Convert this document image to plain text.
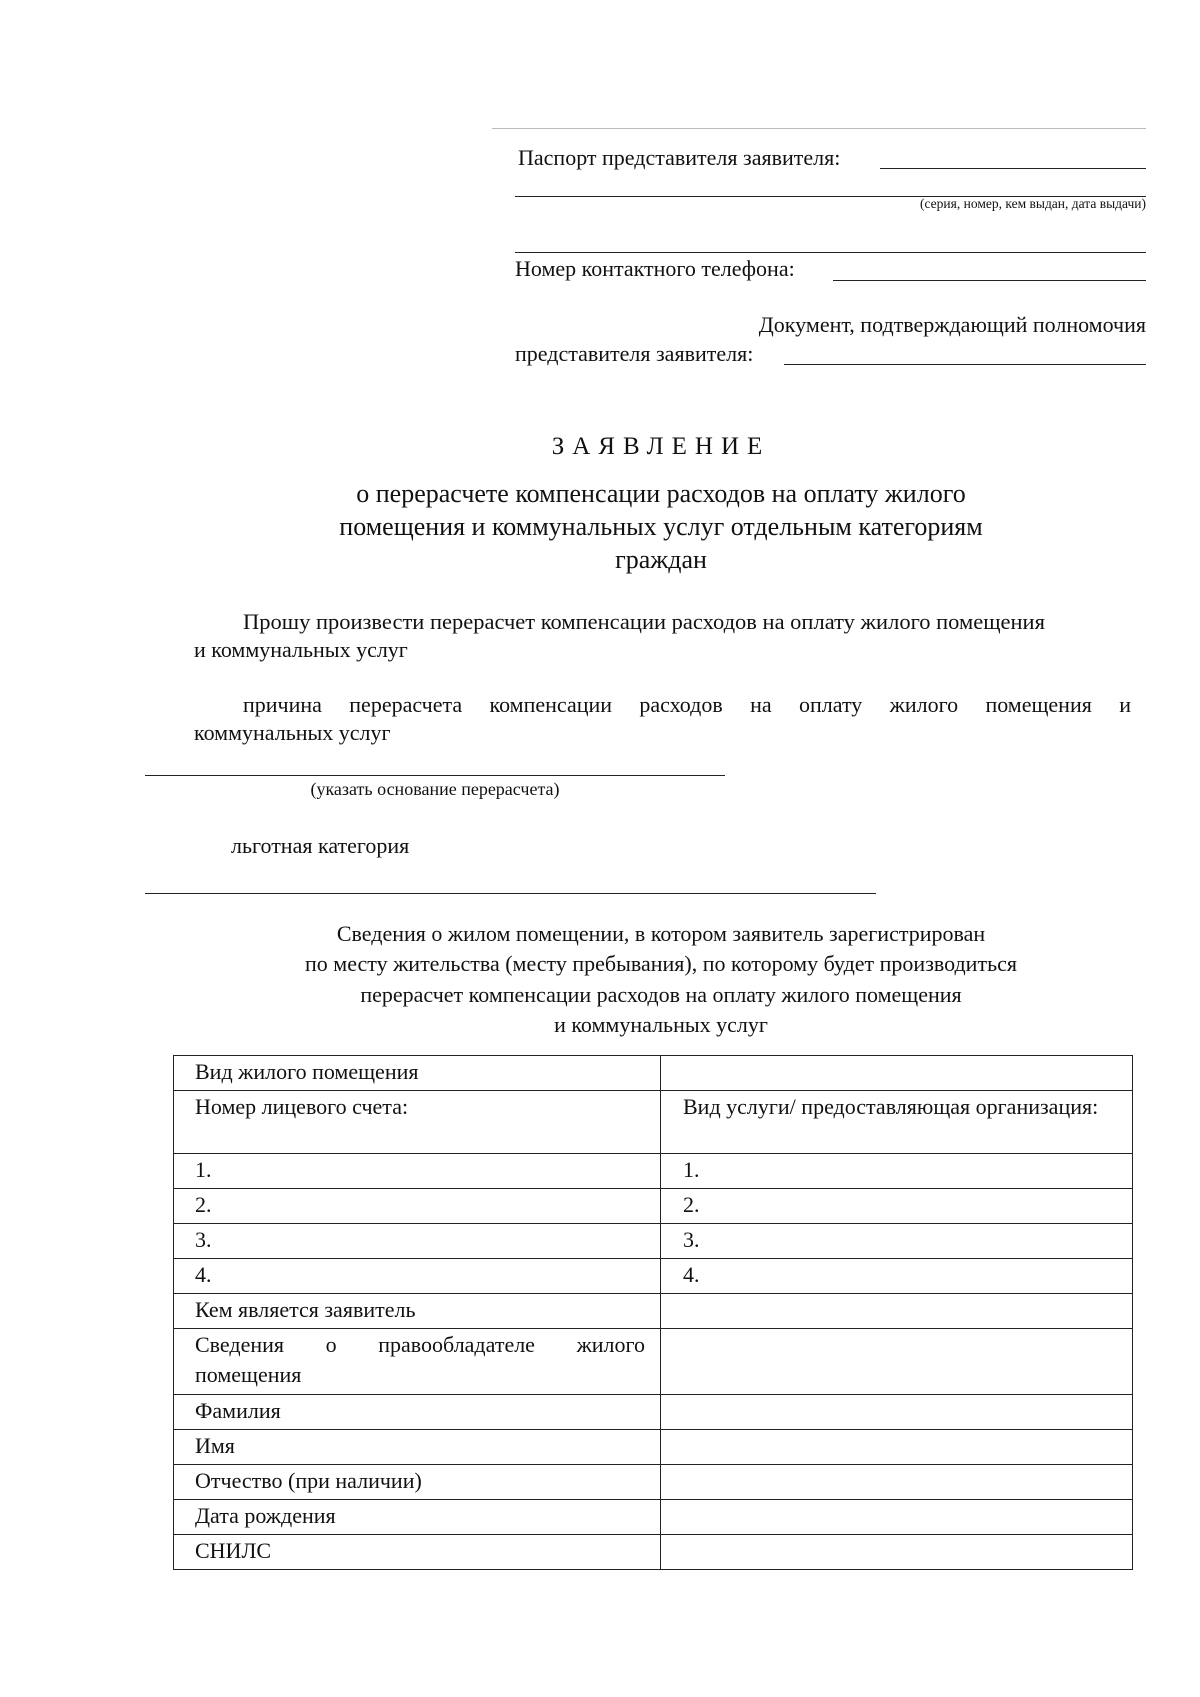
Паспорт представителя заявителя:
(серия, номер, кем выдан, дата выдачи)
Номер контактного телефона:
Документ, подтверждающий полномочия
представителя заявителя:
ЗАЯВЛЕНИЕ
о перерасчете компенсации расходов на оплату жилого
помещения и коммунальных услуг отдельным категориям
граждан
Прошу произвести перерасчет компенсации расходов на оплату жилого помещения
и коммунальных услуг
причина перерасчета компенсации расходов на оплату жилого помещения и
коммунальных услуг
(указать основание перерасчета)
льготная категория
Сведения о жилом помещении, в котором заявитель зарегистрирован
по месту жительства (месту пребывания), по которому будет производиться
перерасчет компенсации расходов на оплату жилого помещения
и коммунальных услуг
Вид жилого помещения	
Номер лицевого счета:	Вид услуги/ предоставляющая организация:
1.	1.
2.	2.
3.	3.
4.	4.
Кем является заявитель	
Сведения о правообладателе жилого помещения	
Фамилия	
Имя	
Отчество (при наличии)	
Дата рождения	
СНИЛС	
